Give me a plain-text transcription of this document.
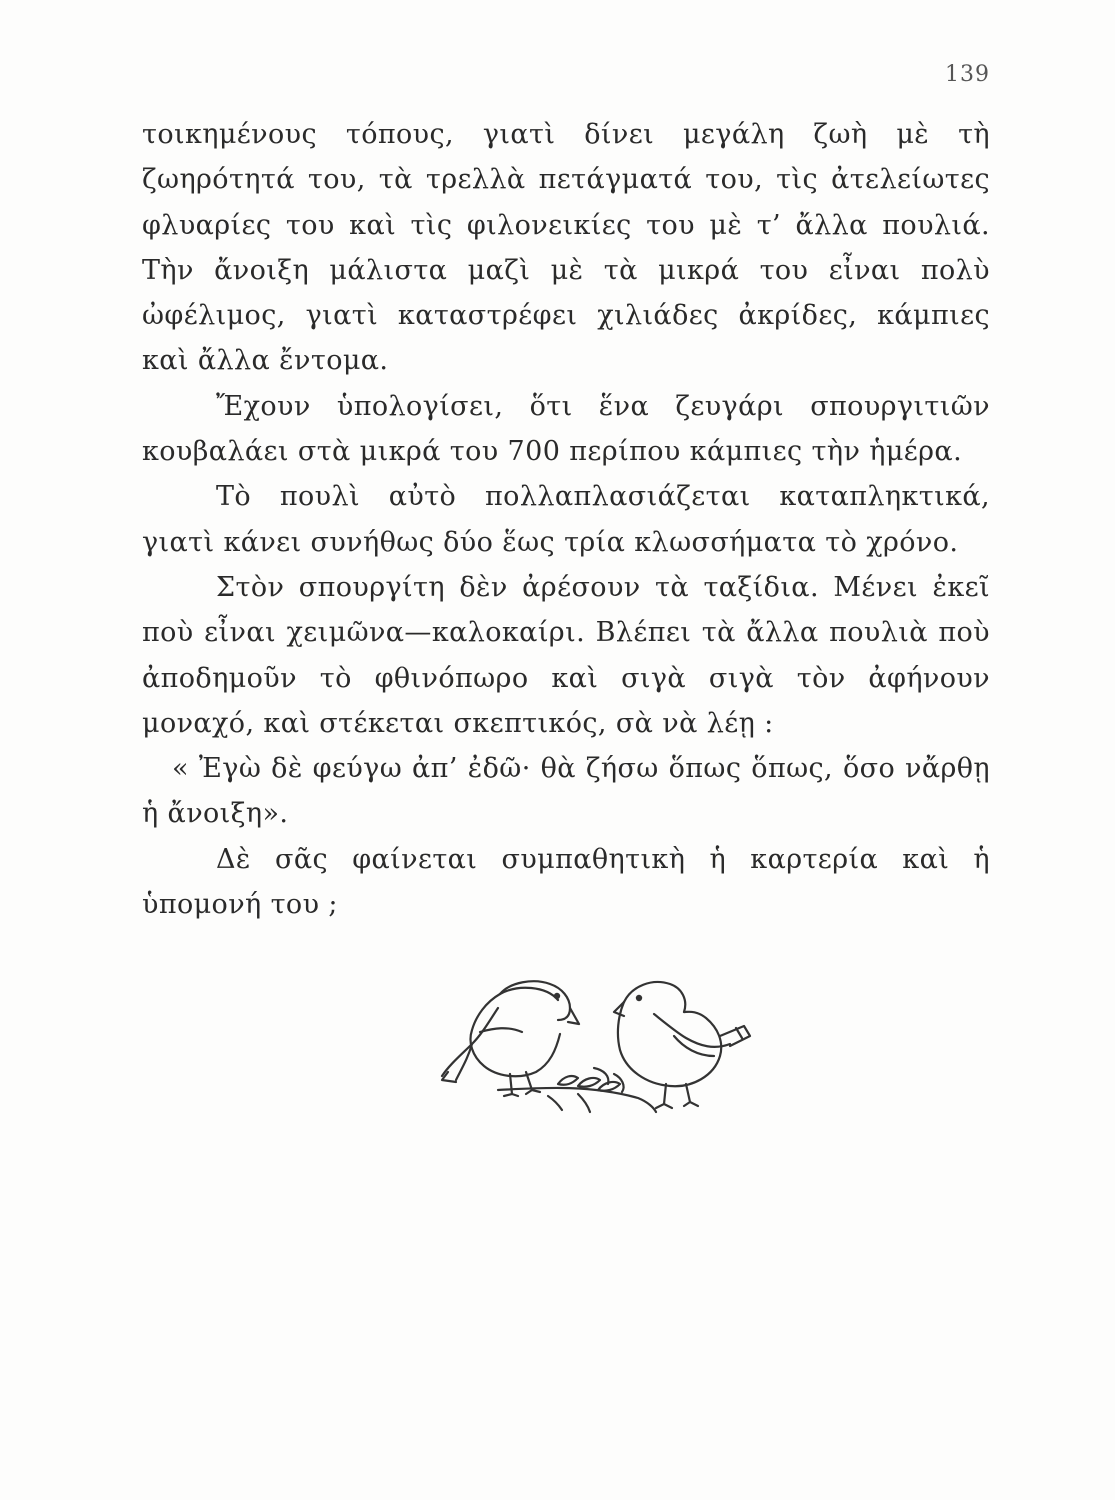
139

τοικημένους τόπους, γιατὶ δίνει μεγάλη ζωὴ μὲ τὴ ζωηρότητά του, τὰ τρελλὰ πετάγματά του, τὶς ἀτελείωτες φλυαρίες του καὶ τὶς φιλονεικίες του μὲ τ’ ἄλλα πουλιά. Τὴν ἄνοιξη μάλιστα μαζὶ μὲ τὰ μικρά του εἶναι πολὺ ὠφέλιμος, γιατὶ καταστρέφει χιλιάδες ἀκρίδες, κάμπιες καὶ ἄλλα ἔντομα.

Ἔχουν ὑπολογίσει, ὅτι ἕνα ζευγάρι σπουργιτιῶν κουβαλάει στὰ μικρά του 700 περίπου κάμπιες τὴν ἡμέρα.

Τὸ πουλὶ αὐτὸ πολλαπλασιάζεται καταπληκτικά, γιατὶ κάνει συνήθως δύο ἕως τρία κλωσσήματα τὸ χρόνο.

Στὸν σπουργίτη δὲν ἀρέσουν τὰ ταξίδια. Μένει ἐκεῖ ποὺ εἶναι χειμῶνα—καλοκαίρι. Βλέπει τὰ ἄλλα πουλιὰ ποὺ ἀποδημοῦν τὸ φθινόπωρο καὶ σιγὰ σιγὰ τὸν ἀφήνουν μοναχό, καὶ στέκεται σκεπτικός, σὰ νὰ λέῃ :

« Ἐγὼ δὲ φεύγω ἀπ’ ἐδῶ· θὰ ζήσω ὅπως ὅπως, ὅσο νἄρθῃ ἡ ἄνοιξη».

Δὲ σᾶς φαίνεται συμπαθητικὴ ἡ καρτερία καὶ ἡ ὑπομονή του ;
